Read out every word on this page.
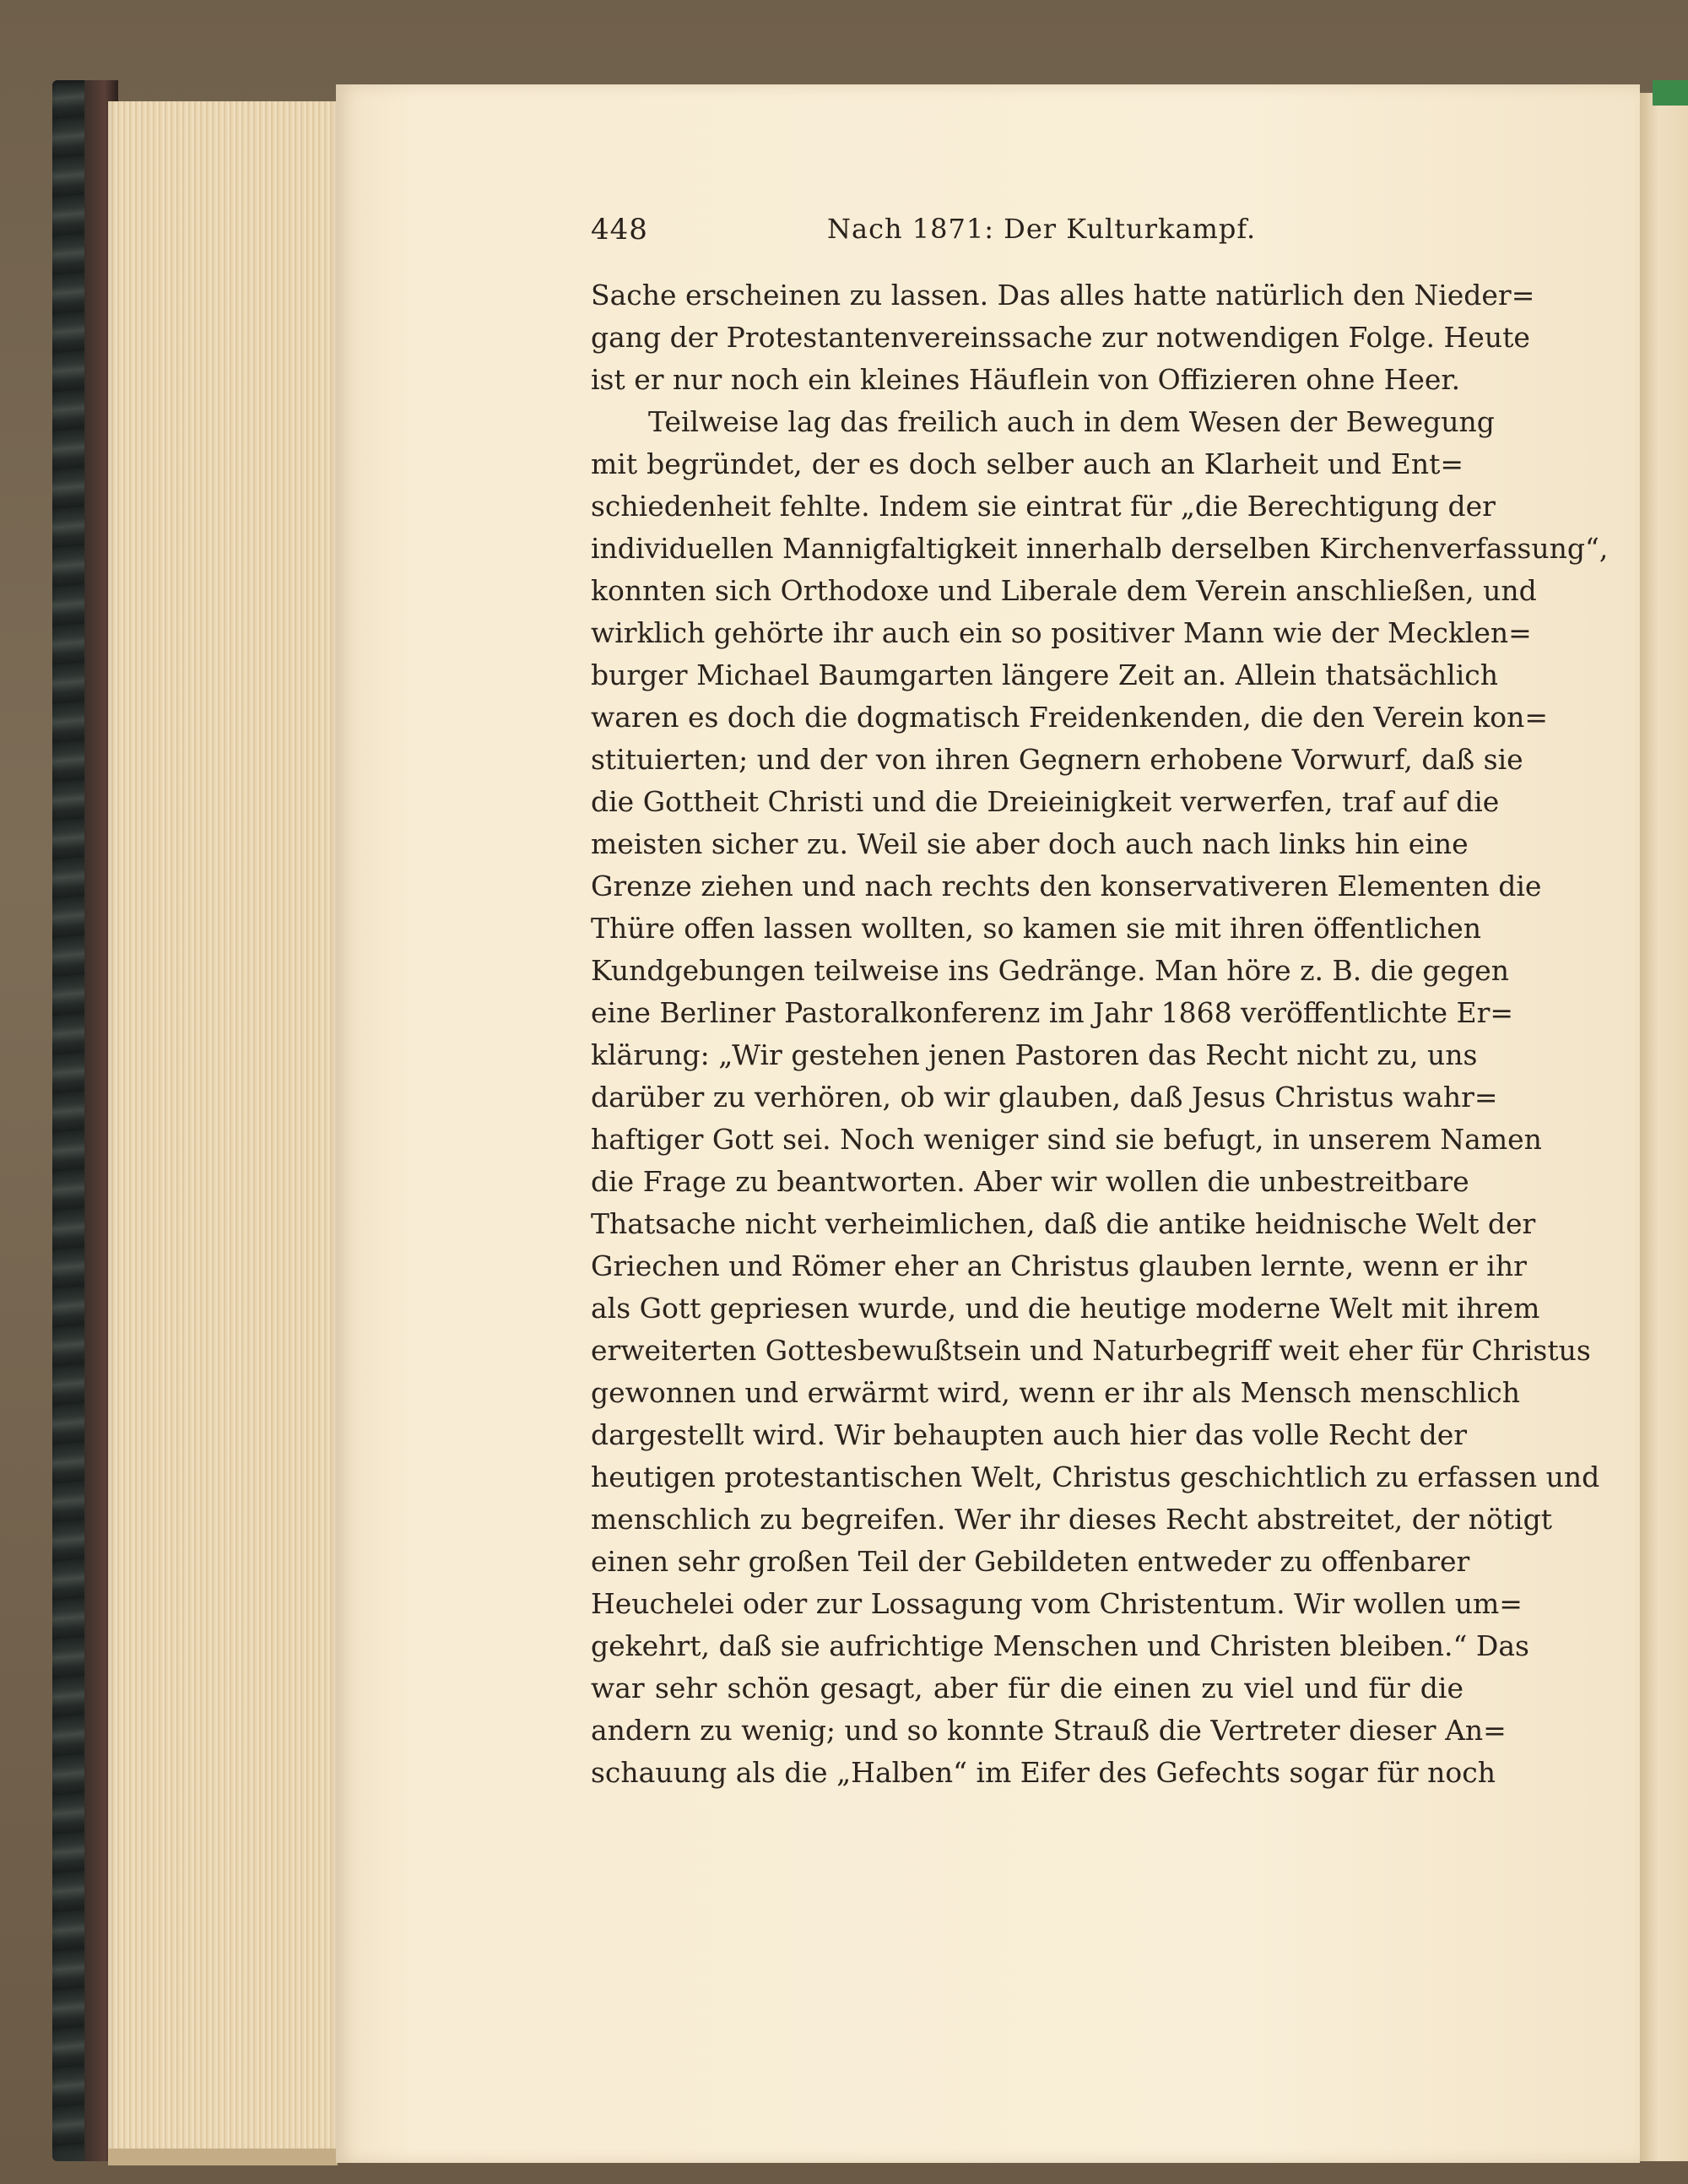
448	Nach 1871: Der Kulturkampf.
Sache erscheinen zu lassen. Das alles hatte natürlich den Nieder=
gang der Protestantenvereinssache zur notwendigen Folge. Heute
ist er nur noch ein kleines Häuflein von Offizieren ohne Heer.
Teilweise lag das freilich auch in dem Wesen der Bewegung
mit begründet, der es doch selber auch an Klarheit und Ent=
schiedenheit fehlte. Indem sie eintrat für „die Berechtigung der
individuellen Mannigfaltigkeit innerhalb derselben Kirchenverfassung“,
konnten sich Orthodoxe und Liberale dem Verein anschließen, und
wirklich gehörte ihr auch ein so positiver Mann wie der Mecklen=
burger Michael Baumgarten längere Zeit an. Allein thatsächlich
waren es doch die dogmatisch Freidenkenden, die den Verein kon=
stituierten; und der von ihren Gegnern erhobene Vorwurf, daß sie
die Gottheit Christi und die Dreieinigkeit verwerfen, traf auf die
meisten sicher zu. Weil sie aber doch auch nach links hin eine
Grenze ziehen und nach rechts den konservativeren Elementen die
Thüre offen lassen wollten, so kamen sie mit ihren öffentlichen
Kundgebungen teilweise ins Gedränge. Man höre z. B. die gegen
eine Berliner Pastoralkonferenz im Jahr 1868 veröffentlichte Er=
klärung: „Wir gestehen jenen Pastoren das Recht nicht zu, uns
darüber zu verhören, ob wir glauben, daß Jesus Christus wahr=
haftiger Gott sei. Noch weniger sind sie befugt, in unserem Namen
die Frage zu beantworten. Aber wir wollen die unbestreitbare
Thatsache nicht verheimlichen, daß die antike heidnische Welt der
Griechen und Römer eher an Christus glauben lernte, wenn er ihr
als Gott gepriesen wurde, und die heutige moderne Welt mit ihrem
erweiterten Gottesbewußtsein und Naturbegriff weit eher für Christus
gewonnen und erwärmt wird, wenn er ihr als Mensch menschlich
dargestellt wird. Wir behaupten auch hier das volle Recht der
heutigen protestantischen Welt, Christus geschichtlich zu erfassen und
menschlich zu begreifen. Wer ihr dieses Recht abstreitet, der nötigt
einen sehr großen Teil der Gebildeten entweder zu offenbarer
Heuchelei oder zur Lossagung vom Christentum. Wir wollen um=
gekehrt, daß sie aufrichtige Menschen und Christen bleiben.“ Das
war sehr schön gesagt, aber für die einen zu viel und für die
andern zu wenig; und so konnte Strauß die Vertreter dieser An=
schauung als die „Halben“ im Eifer des Gefechts sogar für noch
